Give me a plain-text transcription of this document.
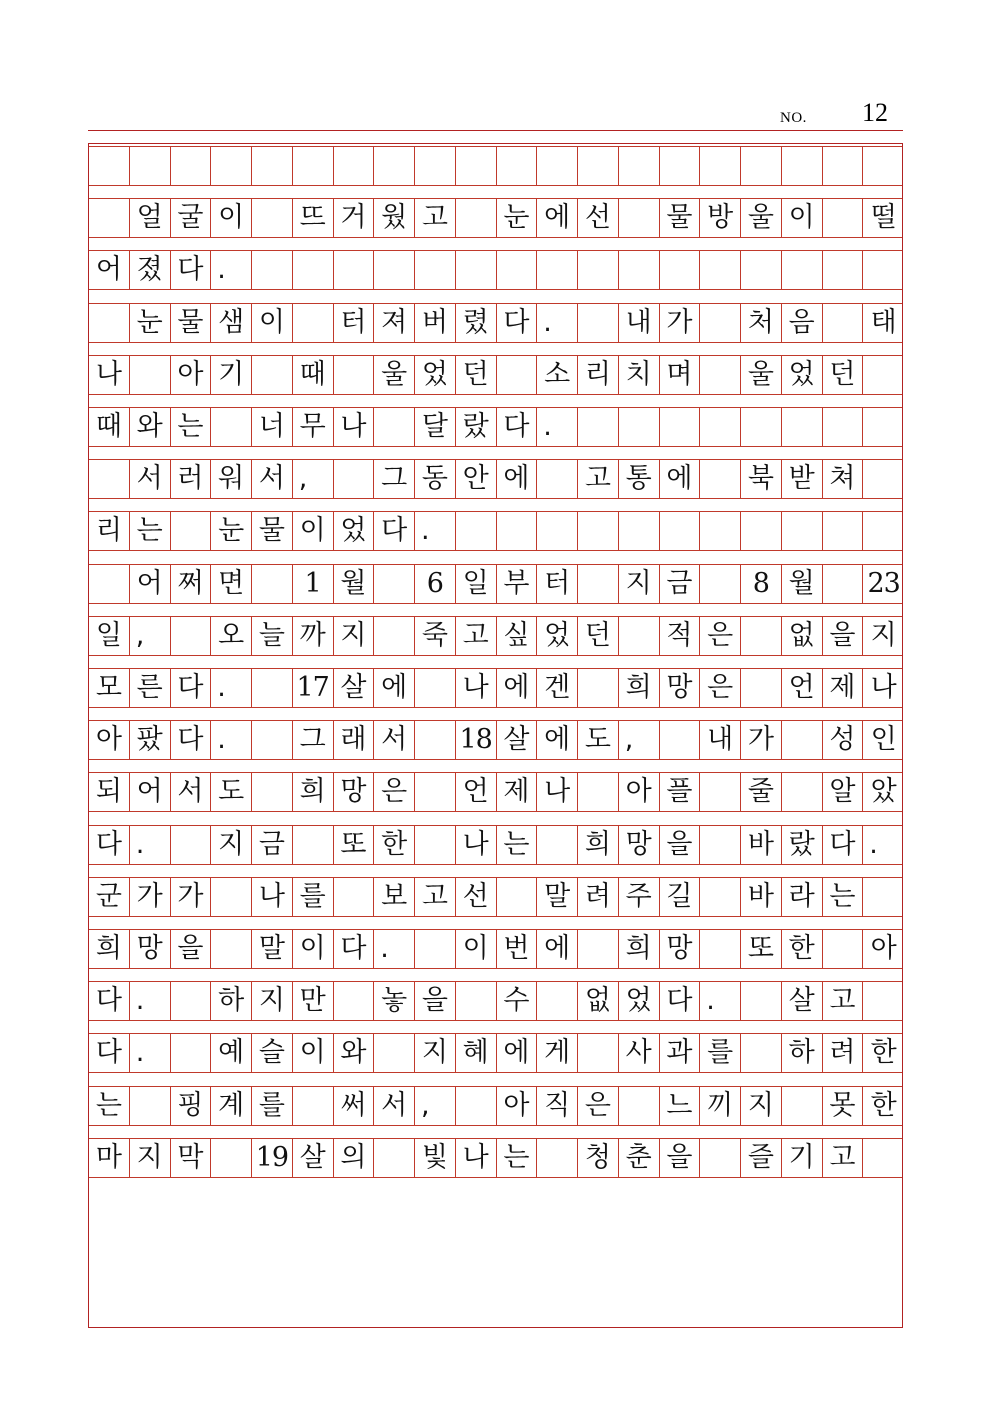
NO. 12
얼 굴 이 뜨 거 웠 고 눈 에 선 물 방 울 이 떨
어 졌 다 .
눈 물 샘 이 터 져 버 렸 다 .	내 가 처 음 태
나 아 기 때 울 었 던 소 리 치 며 울 었 던
때 와 는 너 무 나 달 랐 다 .
서 러 워 서 ,	그 동 안 에 고 통 에 북 받 쳐
리 는 눈 물 이 었 다 .
어 쩌 면	1 월	6 일 부 터 지 금	8 월 23
일 ,	오 늘 까 지 죽 고 싶 었 던 적 은 없 을 지
모 른 다 .	17 살 에 나 에 겐 희 망 은 언 제 나
아 팠 다 .	그 래 서 18 살 에 도 ,	내 가 성 인
되 어 서 도 희 망 은 언 제 나 아 플 줄 알 았
다 .	지 금 또 한 나 는 희 망 을 바 랐 다 .
군 가 가 나 를 보 고 선 말 려 주 길 바 라 는
희 망 을 말 이 다 .	이 번 에 희 망 또 한 아
다 .	하 지 만 놓 을 수 없 었 다 .	살 고
다 .	예 슬 이 와 지 혜 에 게 사 과 를 하 려 한
는 핑 계 를 써 서 ,	아 직 은 느 끼 지 못 한
마 지 막 19 살 의 빛 나 는 청 춘 을 즐 기 고
